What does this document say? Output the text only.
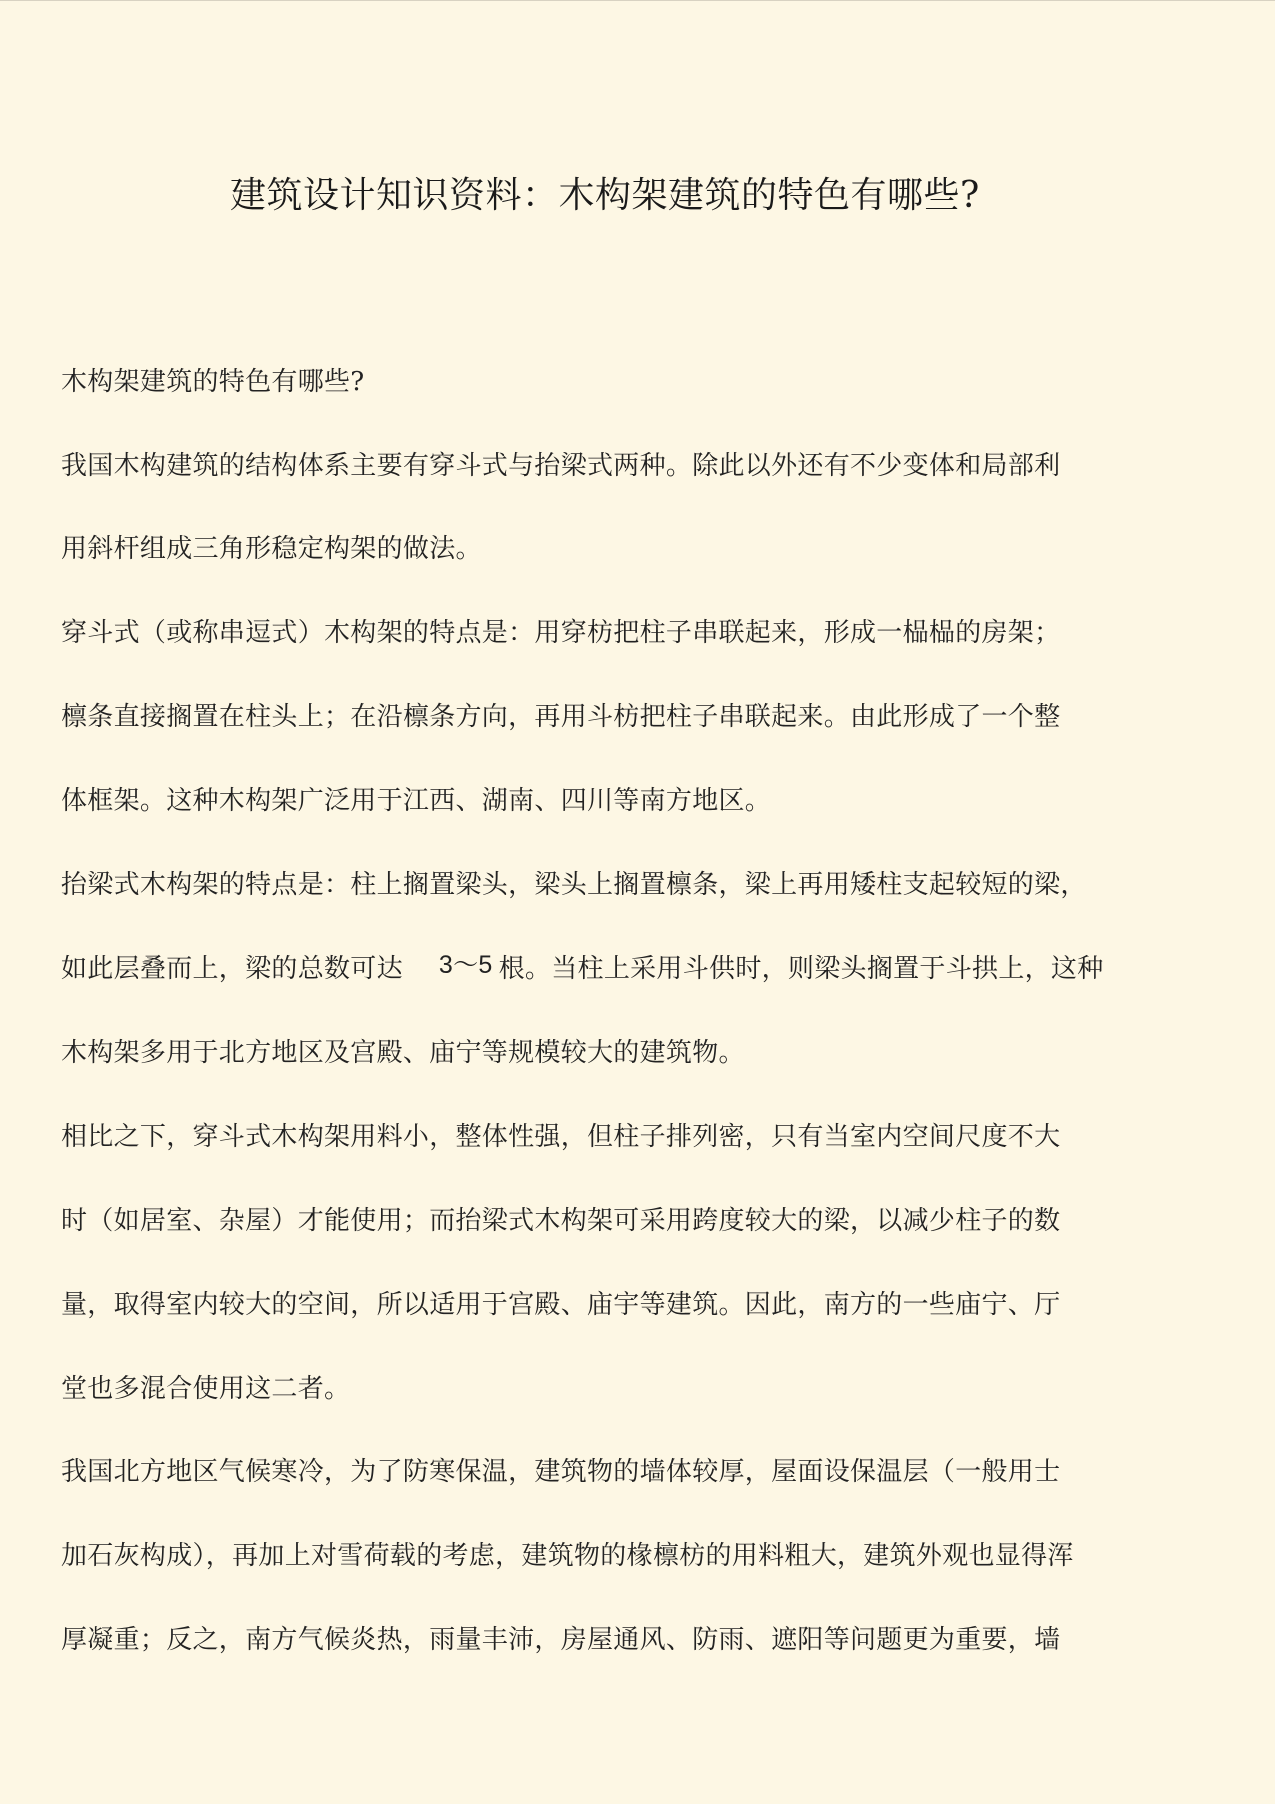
建筑设计知识资料：木构架建筑的特色有哪些?

木构架建筑的特色有哪些?

我国木构建筑的结构体系主要有穿斗式与抬梁式两种。除此以外还有不少变体和局部利

用斜杆组成三角形稳定构架的做法。

穿斗式（或称串逗式）木构架的特点是：用穿枋把柱子串联起来，形成一榀榀的房架；

檩条直接搁置在柱头上；在沿檩条方向，再用斗枋把柱子串联起来。由此形成了一个整

体框架。这种木构架广泛用于江西、湖南、四川等南方地区。

抬梁式木构架的特点是：柱上搁置梁头，梁头上搁置檩条，梁上再用矮柱支起较短的梁，

如此层叠而上，梁的总数可达 3～5 根。当柱上采用斗供时，则梁头搁置于斗拱上，这种

木构架多用于北方地区及宫殿、庙宁等规模较大的建筑物。

相比之下，穿斗式木构架用料小，整体性强，但柱子排列密，只有当室内空间尺度不大

时（如居室、杂屋）才能使用；而抬梁式木构架可采用跨度较大的梁，以减少柱子的数

量，取得室内较大的空间，所以适用于宫殿、庙宇等建筑。因此，南方的一些庙宁、厅

堂也多混合使用这二者。

我国北方地区气候寒冷，为了防寒保温，建筑物的墙体较厚，屋面设保温层（一般用士

加石灰构成），再加上对雪荷载的考虑，建筑物的椽檩枋的用料粗大，建筑外观也显得浑

厚凝重；反之，南方气候炎热，雨量丰沛，房屋通风、防雨、遮阳等问题更为重要，墙
